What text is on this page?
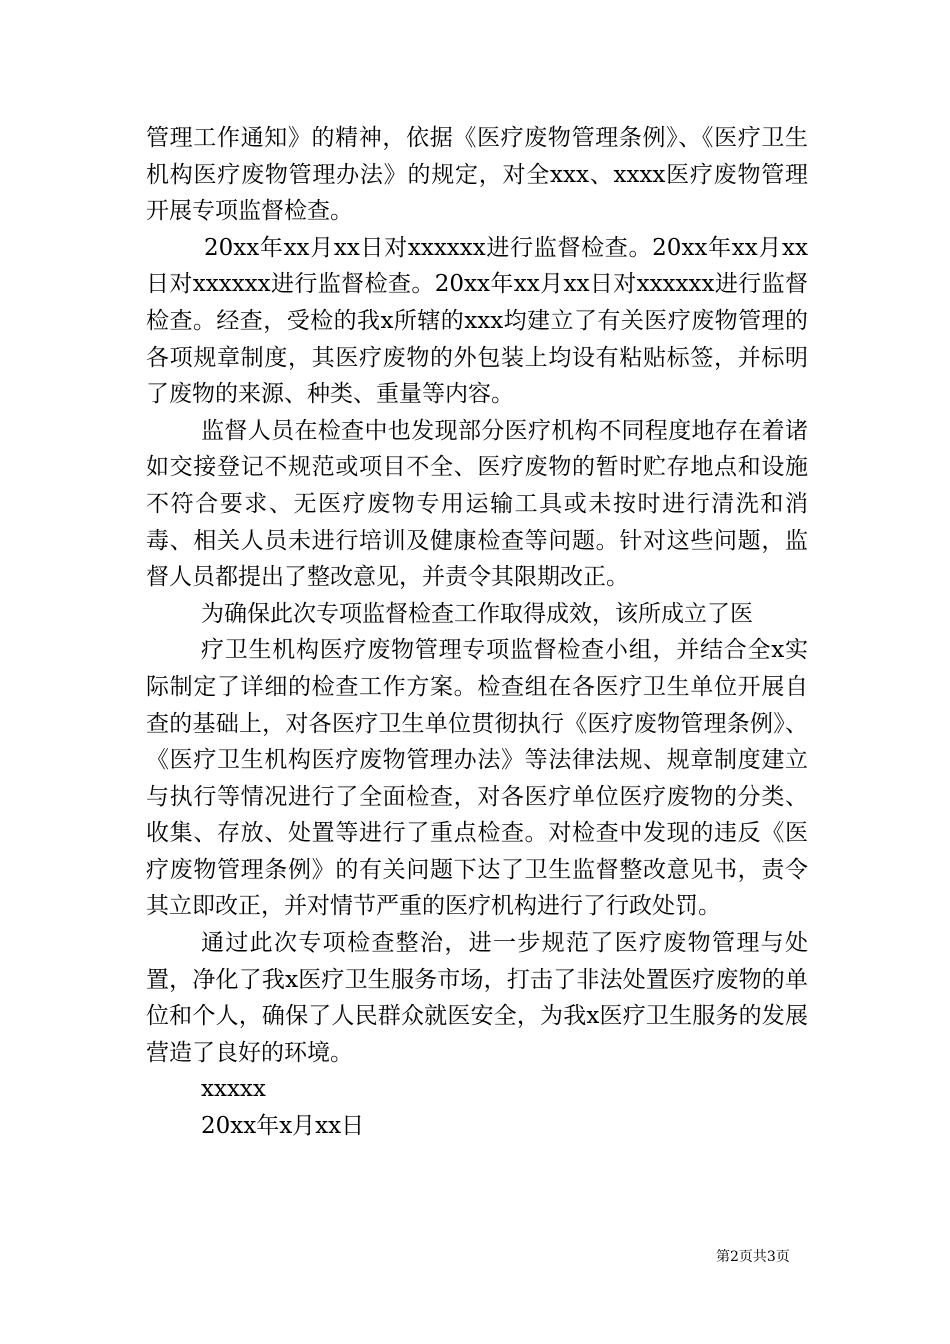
管理工作通知》的精神，依据《医疗废物管理条例》、《医疗卫生机构医疗废物管理办法》的规定，对全xxx、xxxx医疗废物管理开展专项监督检查。

20xx年xx月xx日对xxxxxx进行监督检查。20xx年xx月xx日对xxxxxx进行监督检查。20xx年xx月xx日对xxxxxx进行监督检查。经查，受检的我x所辖的xxx均建立了有关医疗废物管理的各项规章制度，其医疗废物的外包装上均设有粘贴标签，并标明了废物的来源、种类、重量等内容。

监督人员在检查中也发现部分医疗机构不同程度地存在着诸如交接登记不规范或项目不全、医疗废物的暂时贮存地点和设施不符合要求、无医疗废物专用运输工具或未按时进行清洗和消毒、相关人员未进行培训及健康检查等问题。针对这些问题，监督人员都提出了整改意见，并责令其限期改正。

为确保此次专项监督检查工作取得成效，该所成立了医

疗卫生机构医疗废物管理专项监督检查小组，并结合全x实际制定了详细的检查工作方案。检查组在各医疗卫生单位开展自查的基础上，对各医疗卫生单位贯彻执行《医疗废物管理条例》、《医疗卫生机构医疗废物管理办法》等法律法规、规章制度建立与执行等情况进行了全面检查，对各医疗单位医疗废物的分类、收集、存放、处置等进行了重点检查。对检查中发现的违反《医疗废物管理条例》的有关问题下达了卫生监督整改意见书，责令其立即改正，并对情节严重的医疗机构进行了行政处罚。

通过此次专项检查整治，进一步规范了医疗废物管理与处置，净化了我x医疗卫生服务市场，打击了非法处置医疗废物的单位和个人，确保了人民群众就医安全，为我x医疗卫生服务的发展营造了良好的环境。

xxxxx

20xx年x月xx日

第2页共3页
